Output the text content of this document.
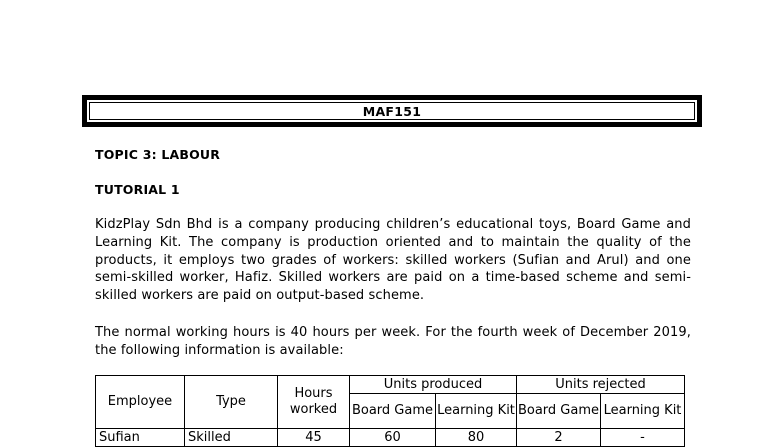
MAF151
TOPIC 3: LABOUR
TUTORIAL 1

KidzPlay Sdn Bhd is a company producing children’s educational toys, Board Game and Learning Kit. The company is production oriented and to maintain the quality of the products, it employs two grades of workers: skilled workers (Sufian and Arul) and one semi-skilled worker, Hafiz. Skilled workers are paid on a time-based scheme and semi-skilled workers are paid on output-based scheme.

The normal working hours is 40 hours per week. For the fourth week of December 2019, the following information is available:

Employee	Type	Hours worked	Units produced		Units rejected	
			Board Game	Learning Kit	Board Game	Learning Kit
Sufian	Skilled	45	60	80	2	-
